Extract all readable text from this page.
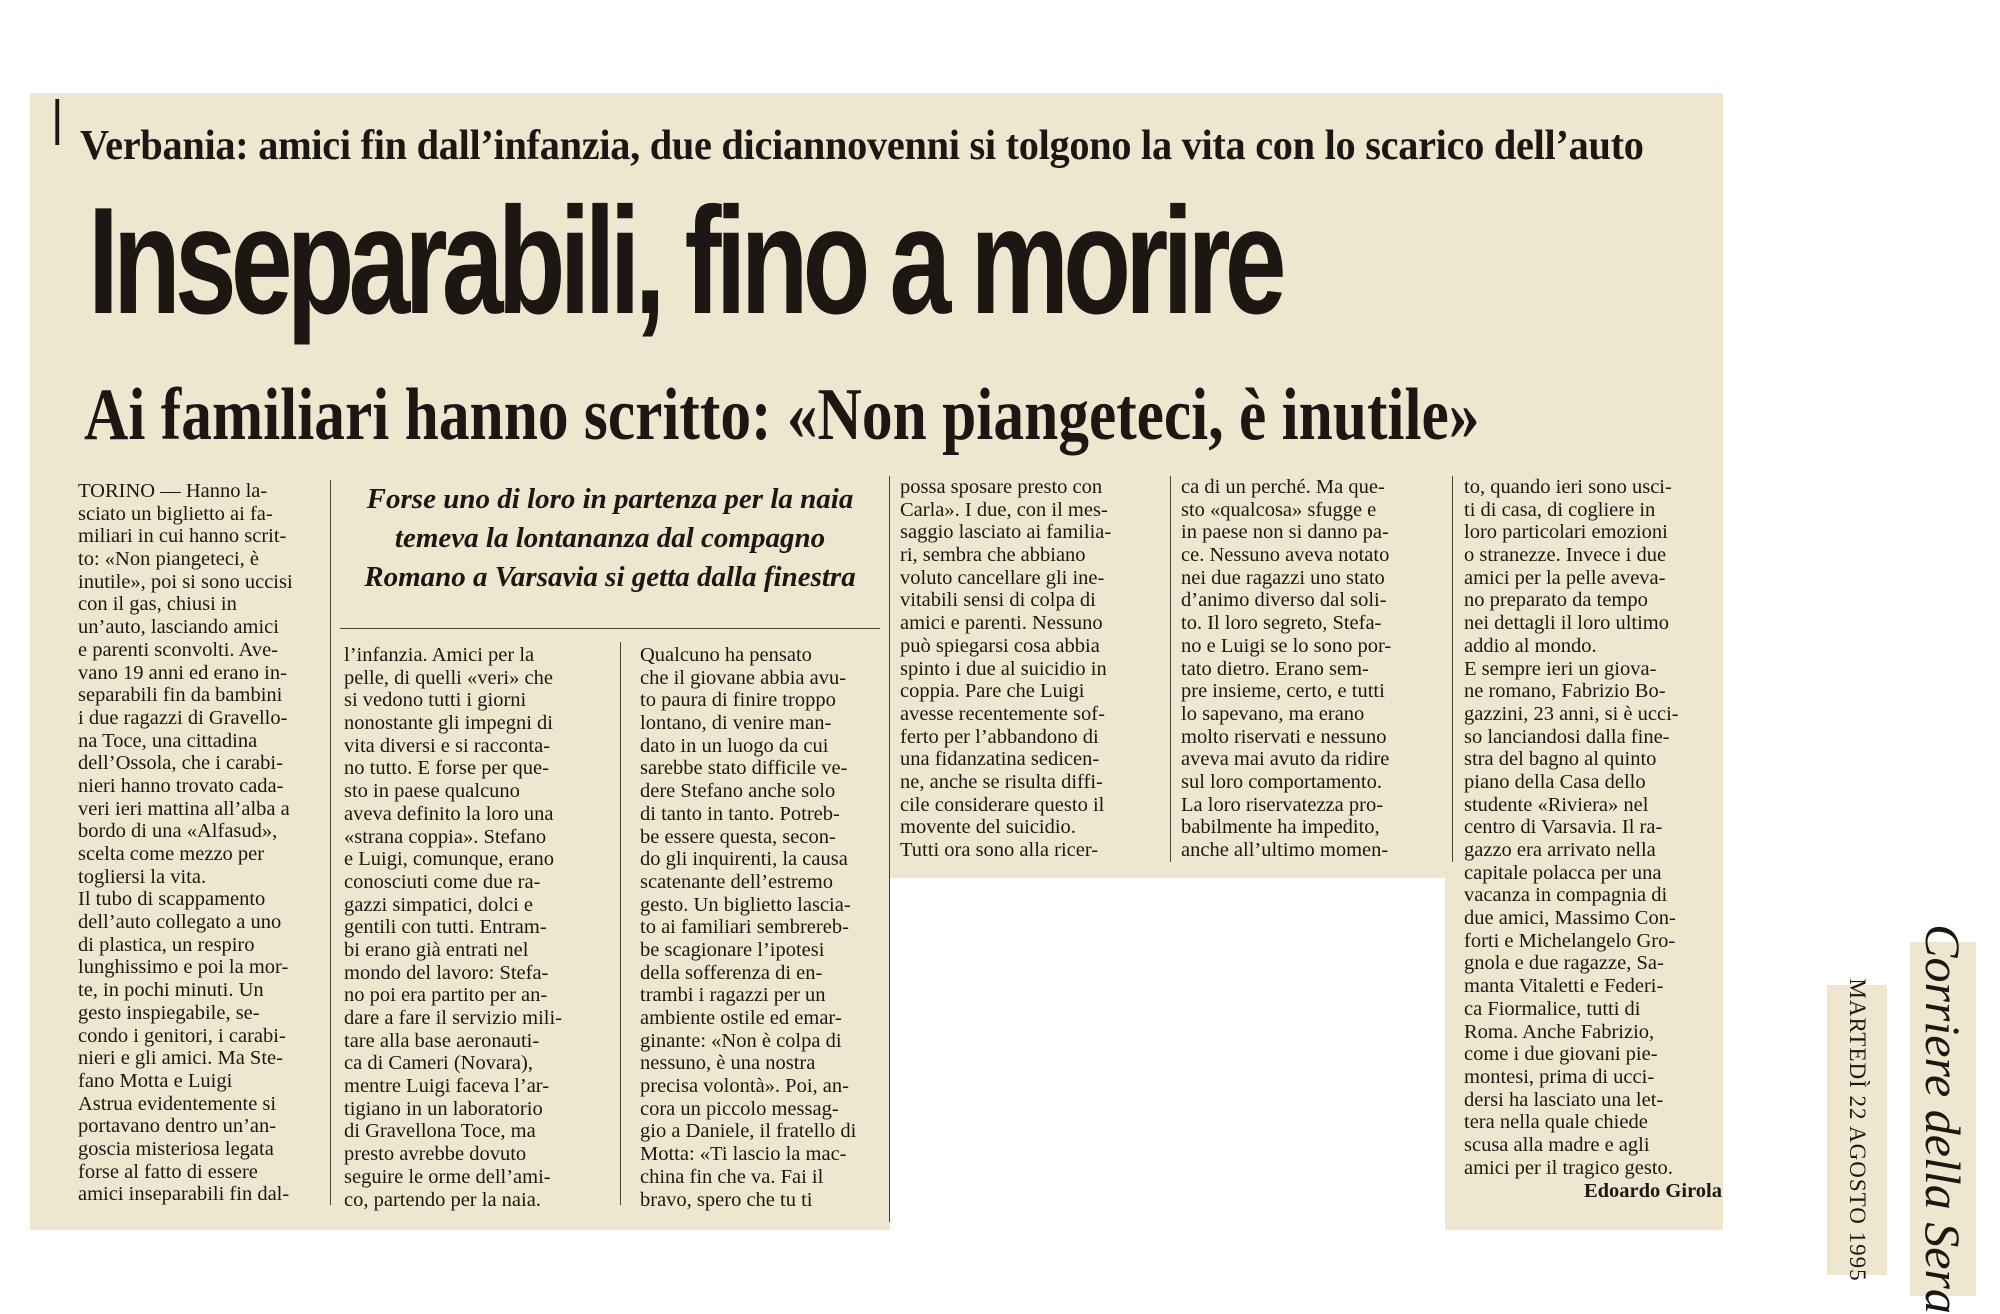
❘
Verbania: amici fin dall’infanzia, due diciannovenni si tolgono la vita con lo scarico dell’auto
Inseparabili, fino a morire
Ai familiari hanno scritto: «Non piangeteci, è inutile»
Forse uno di loro in partenza per la naia
temeva la lontananza dal compagno
Romano a Varsavia si getta dalla finestra
TORINO — Hanno la-
sciato un biglietto ai fa-
miliari in cui hanno scrit-
to: «Non piangeteci, è
inutile», poi si sono uccisi
con il gas, chiusi in
un’auto, lasciando amici
e parenti sconvolti. Ave-
vano 19 anni ed erano in-
separabili fin da bambini
i due ragazzi di Gravello-
na Toce, una cittadina
dell’Ossola, che i carabi-
nieri hanno trovato cada-
veri ieri mattina all’alba a
bordo di una «Alfasud»,
scelta come mezzo per
togliersi la vita.
Il tubo di scappamento
dell’auto collegato a uno
di plastica, un respiro
lunghissimo e poi la mor-
te, in pochi minuti. Un
gesto inspiegabile, se-
condo i genitori, i carabi-
nieri e gli amici. Ma Ste-
fano Motta e Luigi
Astrua evidentemente si
portavano dentro un’an-
goscia misteriosa legata
forse al fatto di essere
amici inseparabili fin dal-
l’infanzia. Amici per la
pelle, di quelli «veri» che
si vedono tutti i giorni
nonostante gli impegni di
vita diversi e si racconta-
no tutto. E forse per que-
sto in paese qualcuno
aveva definito la loro una
«strana coppia». Stefano
e Luigi, comunque, erano
conosciuti come due ra-
gazzi simpatici, dolci e
gentili con tutti. Entram-
bi erano già entrati nel
mondo del lavoro: Stefa-
no poi era partito per an-
dare a fare il servizio mili-
tare alla base aeronauti-
ca di Cameri (Novara),
mentre Luigi faceva l’ar-
tigiano in un laboratorio
di Gravellona Toce, ma
presto avrebbe dovuto
seguire le orme dell’ami-
co, partendo per la naia.
Qualcuno ha pensato
che il giovane abbia avu-
to paura di finire troppo
lontano, di venire man-
dato in un luogo da cui
sarebbe stato difficile ve-
dere Stefano anche solo
di tanto in tanto. Potreb-
be essere questa, secon-
do gli inquirenti, la causa
scatenante dell’estremo
gesto. Un biglietto lascia-
to ai familiari sembrereb-
be scagionare l’ipotesi
della sofferenza di en-
trambi i ragazzi per un
ambiente ostile ed emar-
ginante: «Non è colpa di
nessuno, è una nostra
precisa volontà». Poi, an-
cora un piccolo messag-
gio a Daniele, il fratello di
Motta: «Ti lascio la mac-
china fin che va. Fai il
bravo, spero che tu ti
possa sposare presto con
Carla». I due, con il mes-
saggio lasciato ai familia-
ri, sembra che abbiano
voluto cancellare gli ine-
vitabili sensi di colpa di
amici e parenti. Nessuno
può spiegarsi cosa abbia
spinto i due al suicidio in
coppia. Pare che Luigi
avesse recentemente sof-
ferto per l’abbandono di
una fidanzatina sedicen-
ne, anche se risulta diffi-
cile considerare questo il
movente del suicidio.
Tutti ora sono alla ricer-
ca di un perché. Ma que-
sto «qualcosa» sfugge e
in paese non si danno pa-
ce. Nessuno aveva notato
nei due ragazzi uno stato
d’animo diverso dal soli-
to. Il loro segreto, Stefa-
no e Luigi se lo sono por-
tato dietro. Erano sem-
pre insieme, certo, e tutti
lo sapevano, ma erano
molto riservati e nessuno
aveva mai avuto da ridire
sul loro comportamento.
La loro riservatezza pro-
babilmente ha impedito,
anche all’ultimo momen-
to, quando ieri sono usci-
ti di casa, di cogliere in
loro particolari emozioni
o stranezze. Invece i due
amici per la pelle aveva-
no preparato da tempo
nei dettagli il loro ultimo
addio al mondo.
E sempre ieri un giova-
ne romano, Fabrizio Bo-
gazzini, 23 anni, si è ucci-
so lanciandosi dalla fine-
stra del bagno al quinto
piano della Casa dello
studente «Riviera» nel
centro di Varsavia. Il ra-
gazzo era arrivato nella
capitale polacca per una
vacanza in compagnia di
due amici, Massimo Con-
forti e Michelangelo Gro-
gnola e due ragazze, Sa-
manta Vitaletti e Federi-
ca Fiormalice, tutti di
Roma. Anche Fabrizio,
come i due giovani pie-
montesi, prima di ucci-
dersi ha lasciato una let-
tera nella quale chiede
scusa alla madre e agli
amici per il tragico gesto.
Edoardo Girola	Corriere della Sera
MARTEDÌ 22 AGOSTO 1995
